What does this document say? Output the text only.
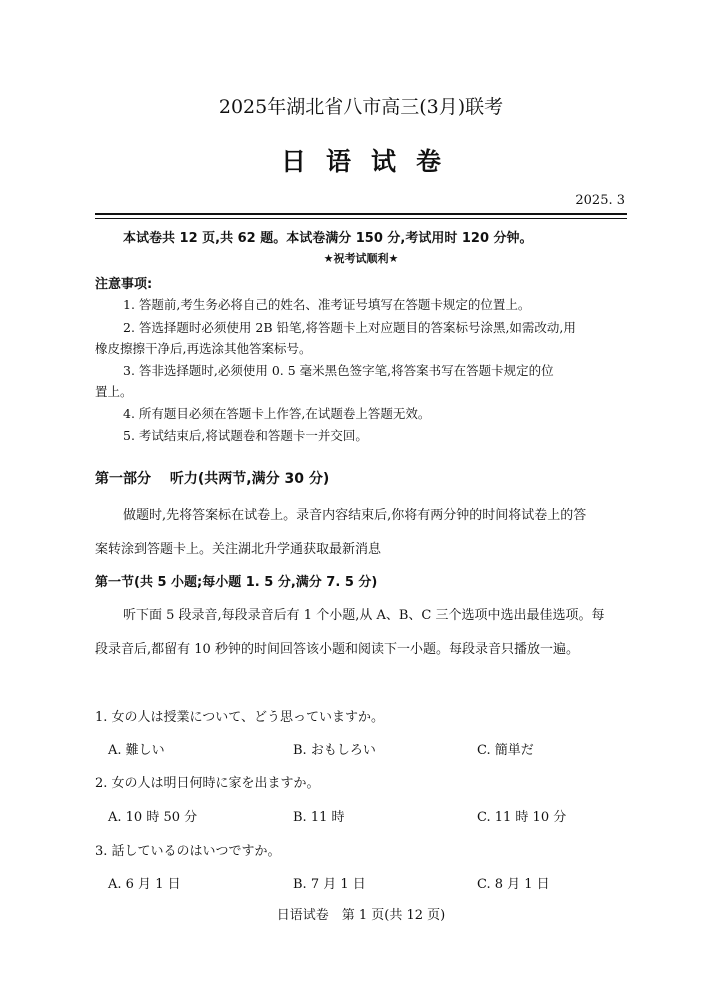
2025年湖北省八市高三(3月)联考
日语试卷
2025. 3
本试卷共 12 页,共 62 题。本试卷满分 150 分,考试用时 120 分钟。
★祝考试顺利★
注意事项:
1. 答题前,考生务必将自己的姓名、准考证号填写在答题卡规定的位置上。
2. 答选择题时必须使用 2B 铅笔,将答题卡上对应题目的答案标号涂黑,如需改动,用
橡皮擦擦干净后,再选涂其他答案标号。
3. 答非选择题时,必须使用 0. 5 毫米黑色签字笔,将答案书写在答题卡规定的位
置上。
4. 所有题目必须在答题卡上作答,在试题卷上答题无效。
5. 考试结束后,将试题卷和答题卡一并交回。
第一部分　 听力(共两节,满分 30 分)
做题时,先将答案标在试卷上。录音内容结束后,你将有两分钟的时间将试卷上的答
案转涂到答题卡上。关注湖北升学通获取最新消息
第一节(共 5 小题;每小题 1. 5 分,满分 7. 5 分)
听下面 5 段录音,每段录音后有 1 个小题,从 A、B、C 三个选项中选出最佳选项。每
段录音后,都留有 10 秒钟的时间回答该小题和阅读下一小题。每段录音只播放一遍。
1. 女の人は授業について、どう思っていますか。
A. 難しい	B. おもしろい	C. 簡単だ
2. 女の人は明日何時に家を出ますか。
A. 10 時 50 分	B. 11 時	C. 11 時 10 分
3. 話しているのはいつですか。
A. 6 月 1 日	B. 7 月 1 日	C. 8 月 1 日
日语试卷　第 1 页(共 12 页)
